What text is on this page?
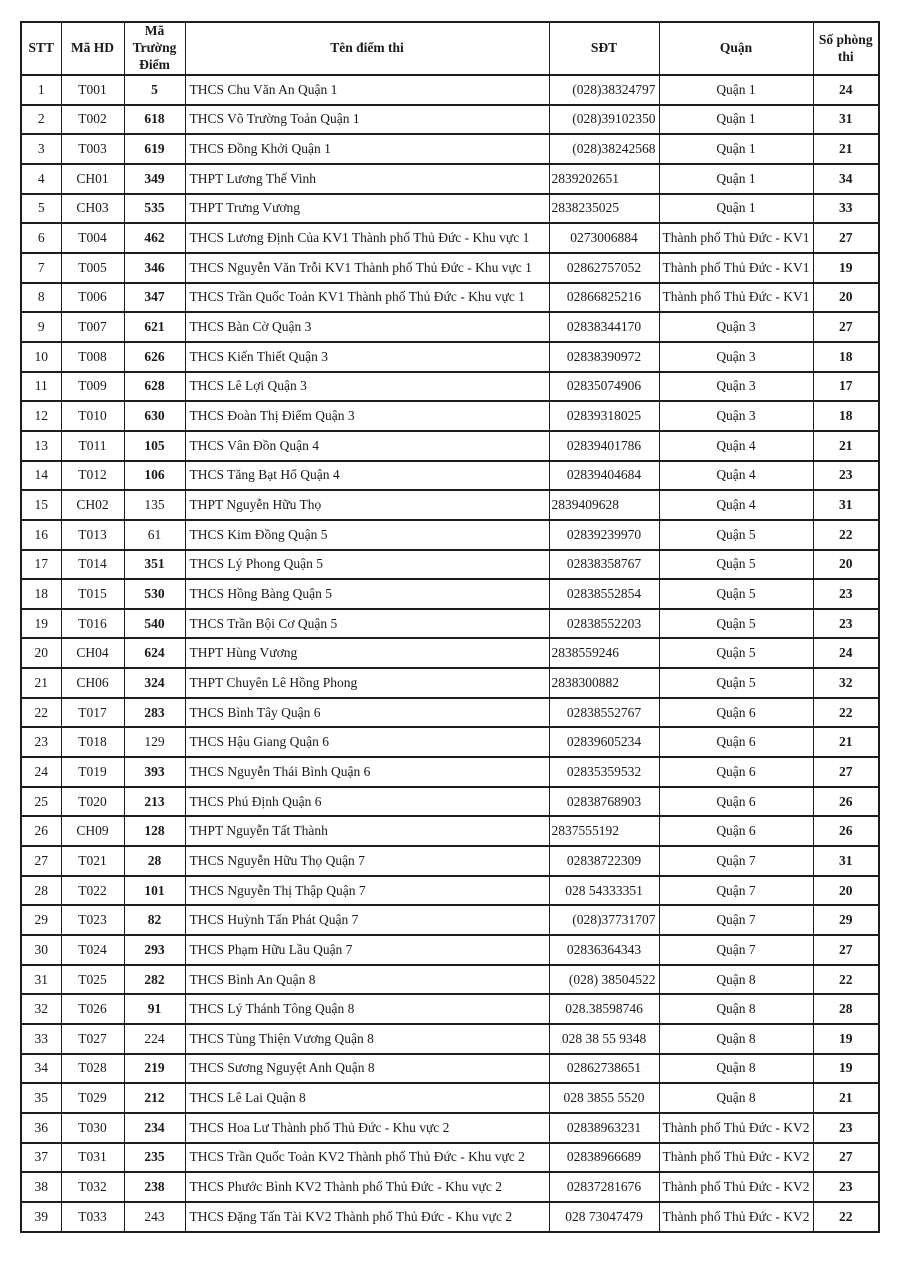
STT	Mã HD	Mã Trường Điểm	Tên điểm thi	SĐT	Quận	Số phòng thi
1	T001	5	THCS Chu Văn An Quận 1	(028)38324797	Quận 1	24
2	T002	618	THCS Võ Trường Toản Quận 1	(028)39102350	Quận 1	31
3	T003	619	THCS Đồng Khởi Quận 1	(028)38242568	Quận 1	21
4	CH01	349	THPT Lương Thế Vinh	2839202651	Quận 1	34
5	CH03	535	THPT Trưng Vương	2838235025	Quận 1	33
6	T004	462	THCS Lương Định Của KV1 Thành phố Thủ Đức - Khu vực 1	0273006884	Thành phố Thủ Đức - KV1	27
7	T005	346	THCS Nguyễn Văn Trỗi KV1 Thành phố Thủ Đức - Khu vực 1	02862757052	Thành phố Thủ Đức - KV1	19
8	T006	347	THCS Trần Quốc Toản KV1 Thành phố Thủ Đức - Khu vực 1	02866825216	Thành phố Thủ Đức - KV1	20
9	T007	621	THCS Bàn Cờ Quận 3	02838344170	Quận 3	27
10	T008	626	THCS Kiến Thiết Quận 3	02838390972	Quận 3	18
11	T009	628	THCS Lê Lợi Quận 3	02835074906	Quận 3	17
12	T010	630	THCS Đoàn Thị Điểm Quận 3	02839318025	Quận 3	18
13	T011	105	THCS Vân Đồn Quận 4	02839401786	Quận 4	21
14	T012	106	THCS Tăng Bạt Hổ Quận 4	02839404684	Quận 4	23
15	CH02	135	THPT Nguyễn Hữu Thọ	2839409628	Quận 4	31
16	T013	61	THCS Kim Đồng Quận 5	02839239970	Quận 5	22
17	T014	351	THCS Lý Phong Quận 5	02838358767	Quận 5	20
18	T015	530	THCS Hồng Bàng Quận 5	02838552854	Quận 5	23
19	T016	540	THCS Trần Bội Cơ Quận 5	02838552203	Quận 5	23
20	CH04	624	THPT Hùng Vương	2838559246	Quận 5	24
21	CH06	324	THPT Chuyên Lê Hồng Phong	2838300882	Quận 5	32
22	T017	283	THCS Bình Tây Quận 6	02838552767	Quận 6	22
23	T018	129	THCS Hậu Giang Quận 6	02839605234	Quận 6	21
24	T019	393	THCS Nguyễn Thái Bình Quận 6	02835359532	Quận 6	27
25	T020	213	THCS Phú Định Quận 6	02838768903	Quận 6	26
26	CH09	128	THPT Nguyễn Tất Thành	2837555192	Quận 6	26
27	T021	28	THCS Nguyễn Hữu Thọ Quận 7	02838722309	Quận 7	31
28	T022	101	THCS Nguyễn Thị Thập Quận 7	028 54333351	Quận 7	20
29	T023	82	THCS Huỳnh Tấn Phát Quận 7	(028)37731707	Quận 7	29
30	T024	293	THCS Phạm Hữu Lầu Quận 7	02836364343	Quận 7	27
31	T025	282	THCS Bình An Quận 8	(028) 38504522	Quận 8	22
32	T026	91	THCS Lý Thánh Tông Quận 8	028.38598746	Quận 8	28
33	T027	224	THCS Tùng Thiện Vương Quận 8	028 38 55 9348	Quận 8	19
34	T028	219	THCS Sương Nguyệt Anh Quận 8	02862738651	Quận 8	19
35	T029	212	THCS Lê Lai Quận 8	028 3855 5520	Quận 8	21
36	T030	234	THCS Hoa Lư Thành phố Thủ Đức - Khu vực 2	02838963231	Thành phố Thủ Đức - KV2	23
37	T031	235	THCS Trần Quốc Toản KV2 Thành phố Thủ Đức - Khu vực 2	02838966689	Thành phố Thủ Đức - KV2	27
38	T032	238	THCS Phước Bình KV2 Thành phố Thủ Đức - Khu vực 2	02837281676	Thành phố Thủ Đức - KV2	23
39	T033	243	THCS Đặng Tấn Tài KV2 Thành phố Thủ Đức - Khu vực 2	028 73047479	Thành phố Thủ Đức - KV2	22
